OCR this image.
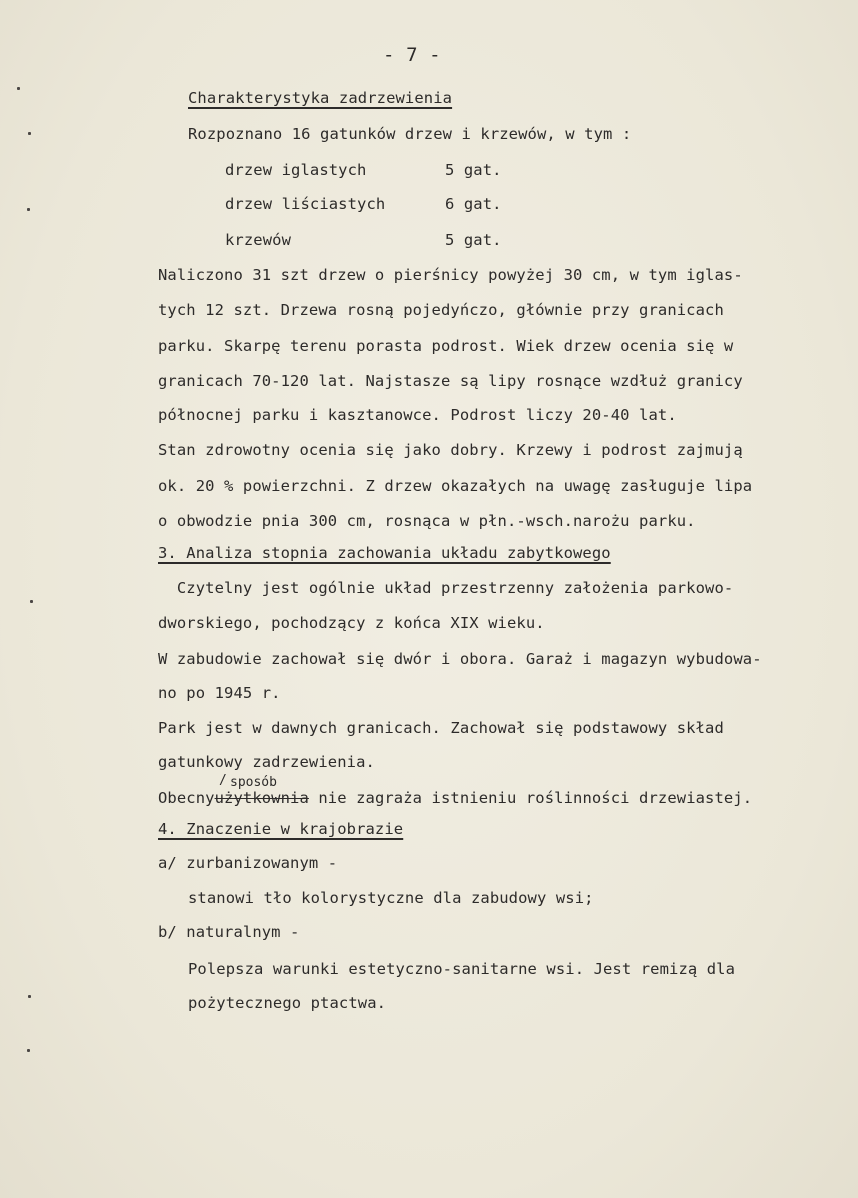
- 7 -
Charakterystyka zadrzewienia
Rozpoznano 16 gatunków drzew i krzewów, w tym :
drzew iglastych	5 gat.
drzew liściastych	6 gat.
krzewów	5 gat.
Naliczono 31 szt drzew o pierśnicy powyżej 30 cm, w tym iglas-
tych 12 szt. Drzewa rosną pojedyńczo, głównie przy granicach
parku. Skarpę terenu porasta podrost. Wiek drzew ocenia się w
granicach 70-120 lat. Najstasze są lipy rosnące wzdłuż granicy
północnej parku i kasztanowce. Podrost liczy 20-40 lat.
Stan zdrowotny ocenia się jako dobry. Krzewy i podrost zajmują
ok. 20 % powierzchni. Z drzew okazałych na uwagę zasługuje lipa
o obwodzie pnia 300 cm, rosnąca w płn.-wsch.narożu parku.
3. Analiza stopnia zachowania układu zabytkowego
Czytelny jest ogólnie układ przestrzenny założenia parkowo-
dworskiego, pochodzący z końca XIX wieku.
W zabudowie zachował się dwór i obora. Garaż i magazyn wybudowa-
no po 1945 r.
Park jest w dawnych granicach. Zachował się podstawowy skład
gatunkowy zadrzewienia.
/ sposób
Obecnyużytkownia nie zagraża istnieniu roślinności drzewiastej.
4. Znaczenie w krajobrazie
a/ zurbanizowanym -
stanowi tło kolorystyczne dla zabudowy wsi;
b/ naturalnym -
Polepsza warunki estetyczno-sanitarne wsi. Jest remizą dla
pożytecznego ptactwa.
